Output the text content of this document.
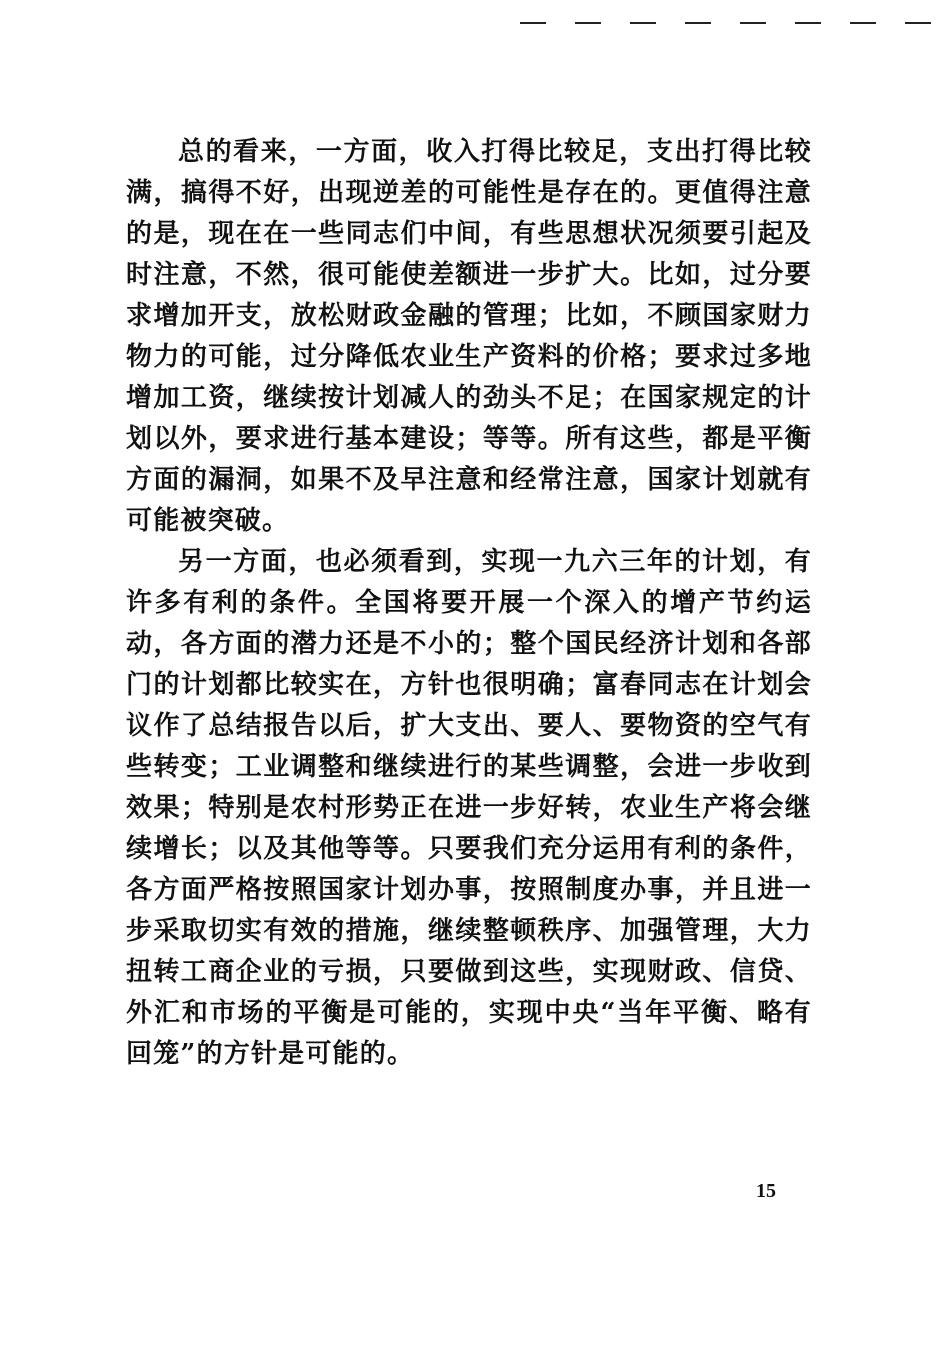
总的看来，一方面，收入打得比较足，支出打得比较满，搞得不好，出现逆差的可能性是存在的。更值得注意的是，现在在一些同志们中间，有些思想状况须要引起及时注意，不然，很可能使差额进一步扩大。比如，过分要求增加开支，放松财政金融的管理；比如，不顾国家财力物力的可能，过分降低农业生产资料的价格；要求过多地增加工资，继续按计划减人的劲头不足；在国家规定的计划以外，要求进行基本建设；等等。所有这些，都是平衡方面的漏洞，如果不及早注意和经常注意，国家计划就有可能被突破。

另一方面，也必须看到，实现一九六三年的计划，有许多有利的条件。全国将要开展一个深入的增产节约运动，各方面的潜力还是不小的；整个国民经济计划和各部门的计划都比较实在，方针也很明确；富春同志在计划会议作了总结报告以后，扩大支出、要人、要物资的空气有些转变；工业调整和继续进行的某些调整，会进一步收到效果；特别是农村形势正在进一步好转，农业生产将会继续增长；以及其他等等。只要我们充分运用有利的条件，各方面严格按照国家计划办事，按照制度办事，并且进一步采取切实有效的措施，继续整顿秩序、加强管理，大力扭转工商企业的亏损，只要做到这些，实现财政、信贷、外汇和市场的平衡是可能的，实现中央“当年平衡、略有回笼”的方针是可能的。

15
